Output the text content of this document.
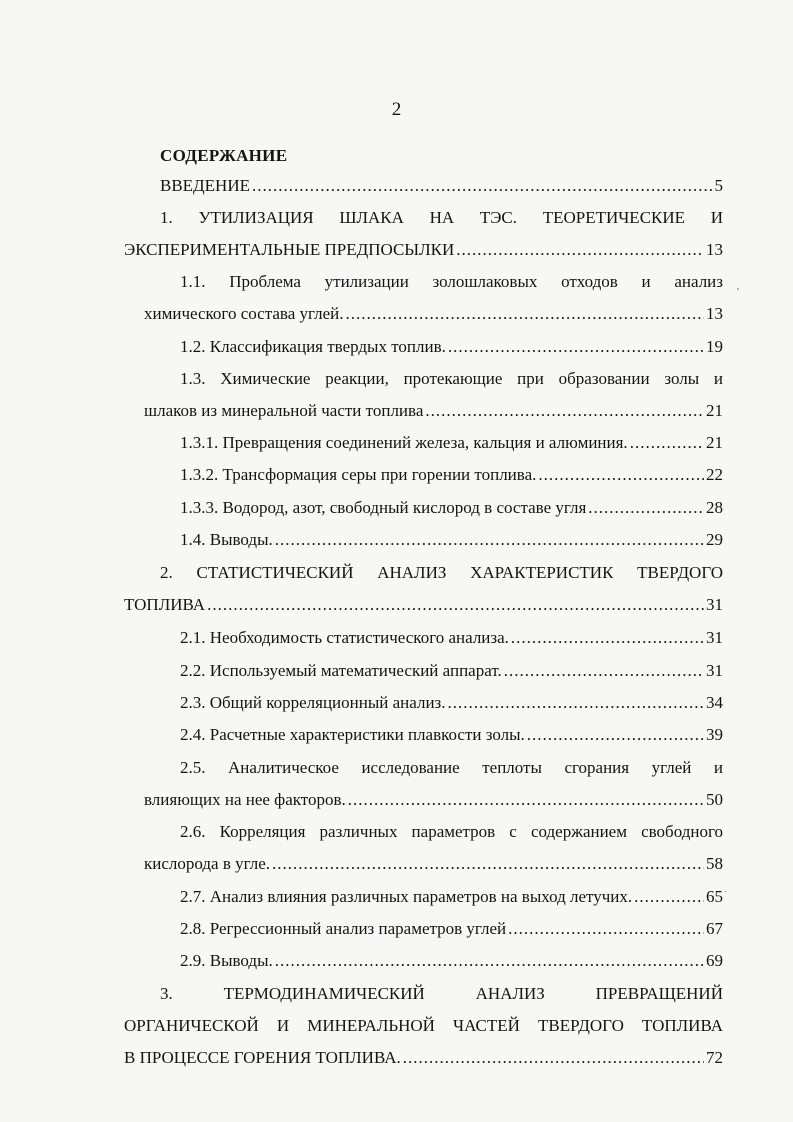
2
СОДЕРЖАНИЕ
ВВЕДЕНИЕ .....	5
1. УТИЛИЗАЦИЯ ШЛАКА НА ТЭС. ТЕОРЕТИЧЕСКИЕ И
ЭКСПЕРИМЕНТАЛЬНЫЕ ПРЕДПОСЫЛКИ .....	13
1.1. Проблема утилизации золошлаковых отходов и анализ
химического состава углей. .....	13
1.2. Классификация твердых топлив. .....	19
1.3. Химические реакции, протекающие при образовании золы и
шлаков из минеральной части топлива .....	21
1.3.1. Превращения соединений железа, кальция и алюминия. .....	21
1.3.2. Трансформация серы при горении топлива. .....	22
1.3.3. Водород, азот, свободный кислород в составе угля .....	28
1.4. Выводы. .....	29
2. СТАТИСТИЧЕСКИЙ АНАЛИЗ ХАРАКТЕРИСТИК ТВЕРДОГО
ТОПЛИВА .....	31
2.1. Необходимость статистического анализа. .....	31
2.2. Используемый математический аппарат. .....	31
2.3. Общий корреляционный анализ. .....	34
2.4. Расчетные характеристики плавкости золы. .....	39
2.5. Аналитическое исследование теплоты сгорания углей и
влияющих на нее факторов. .....	50
2.6. Корреляция различных параметров с содержанием свободного
кислорода в угле. .....	58
2.7. Анализ влияния различных параметров на выход летучих. .....	65
2.8. Регрессионный анализ параметров углей .....	67
2.9. Выводы. .....	69
3. ТЕРМОДИНАМИЧЕСКИЙ АНАЛИЗ ПРЕВРАЩЕНИЙ
ОРГАНИЧЕСКОЙ И МИНЕРАЛЬНОЙ ЧАСТЕЙ ТВЕРДОГО ТОПЛИВА
В ПРОЦЕССЕ ГОРЕНИЯ ТОПЛИВА. .....	72
‚
·
